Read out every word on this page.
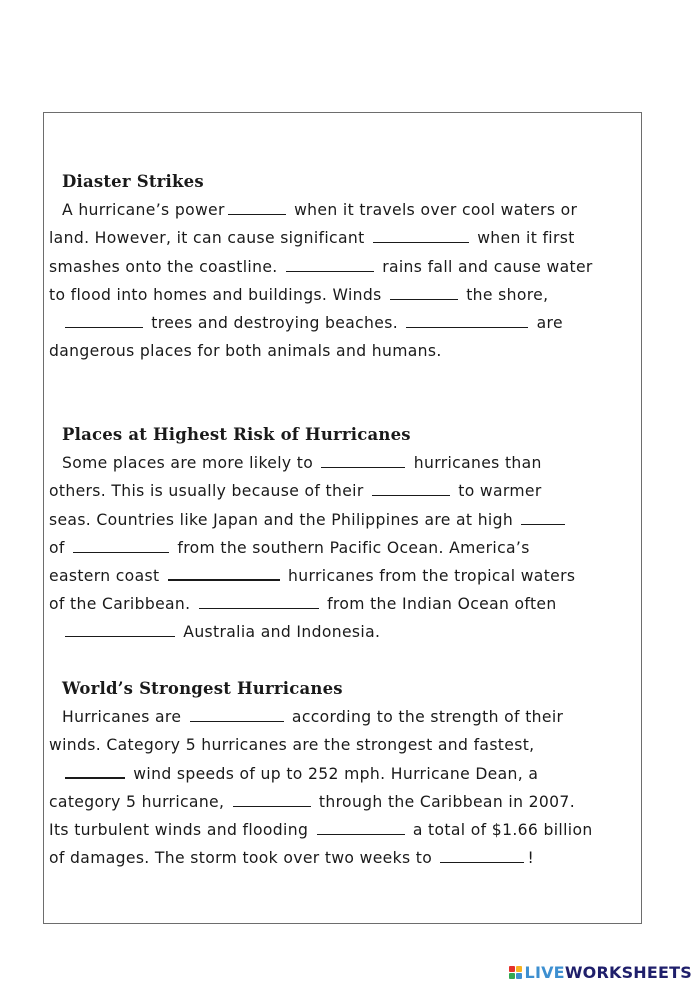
Diaster Strikes
A hurricane’s power	when it travels over cool waters or
land. However, it can cause significant	when it first
smashes onto the coastline.	rains fall and cause water
to flood into homes and buildings. Winds	the shore,
trees and destroying beaches.	are
dangerous places for both animals and humans.
Places at Highest Risk of Hurricanes
Some places are more likely to	hurricanes than
others. This is usually because of their	to warmer
seas. Countries like Japan and the Philippines are at high
of	from the southern Pacific Ocean. America’s
eastern coast	hurricanes from the tropical waters
of the Caribbean.	from the Indian Ocean often
Australia and Indonesia.
World’s Strongest Hurricanes
Hurricanes are	according to the strength of their
winds. Category 5 hurricanes are the strongest and fastest,
wind speeds of up to 252 mph. Hurricane Dean, a
category 5 hurricane,	through the Caribbean in 2007.
Its turbulent winds and flooding	a total of $1.66 billion
of damages. The storm took over two weeks to	!
LIVEWORKSHEETS
